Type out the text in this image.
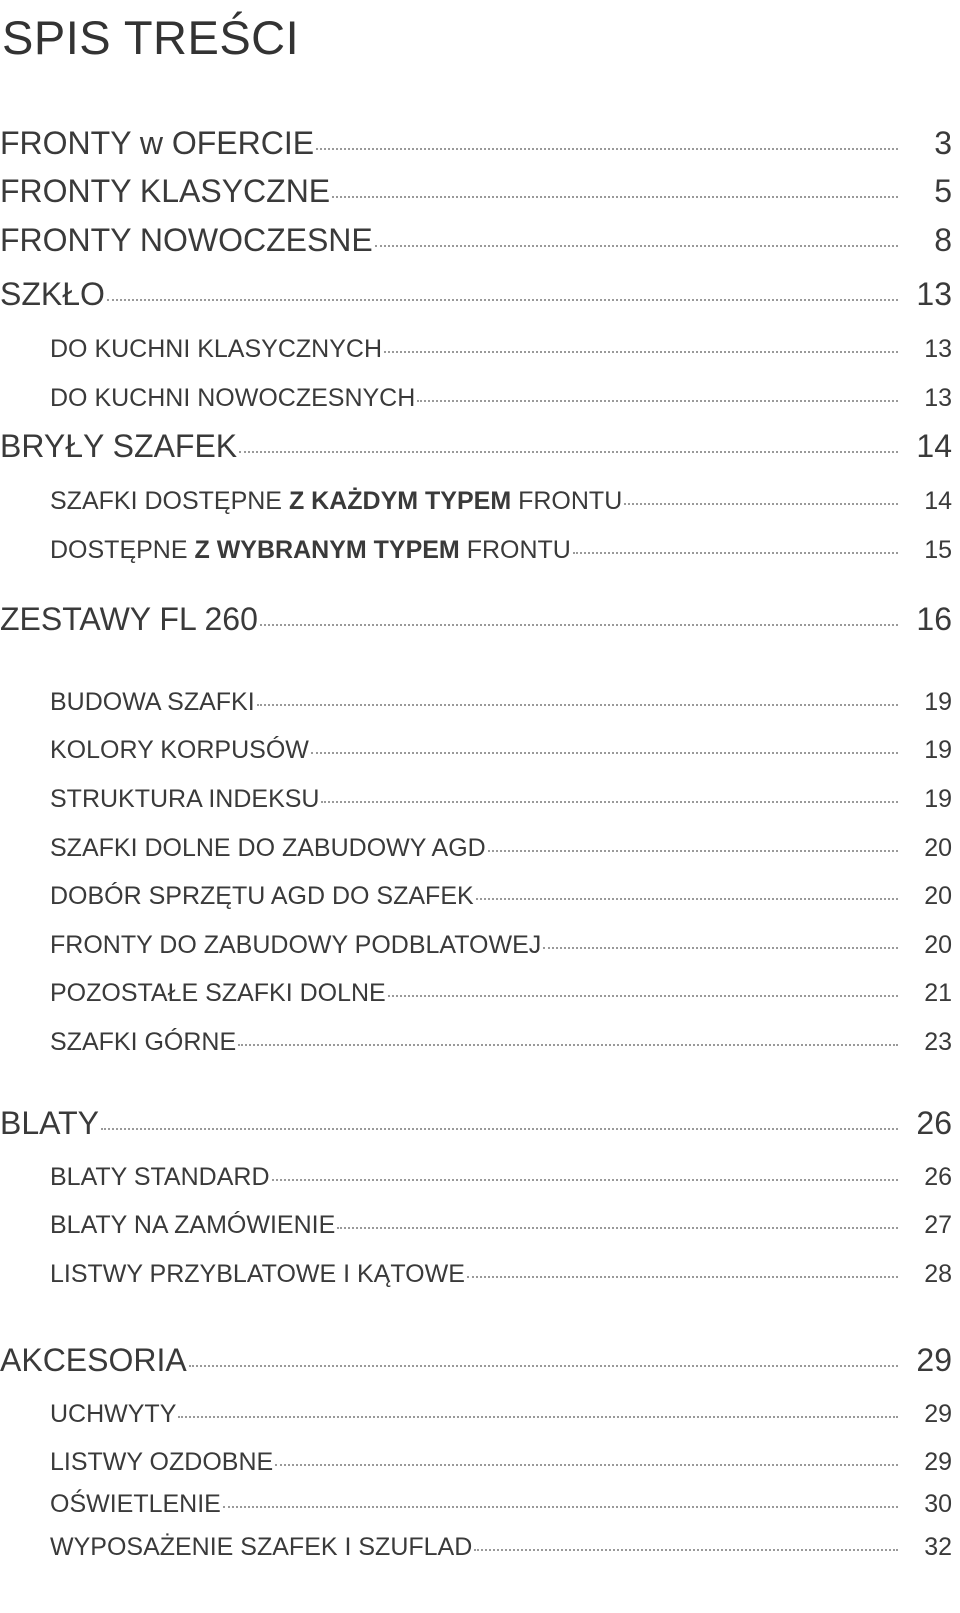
SPIS TREŚCI
FRONTY w OFERCIE	3
FRONTY KLASYCZNE	5
FRONTY NOWOCZESNE	8
SZKŁO	13
DO KUCHNI KLASYCZNYCH	13
DO KUCHNI NOWOCZESNYCH	13
BRYŁY SZAFEK	14
SZAFKI DOSTĘPNE Z KAŻDYM TYPEM FRONTU	14
DOSTĘPNE Z WYBRANYM TYPEM FRONTU	15
ZESTAWY FL 260	16
BUDOWA SZAFKI	19
KOLORY KORPUSÓW	19
STRUKTURA INDEKSU	19
SZAFKI DOLNE DO ZABUDOWY AGD	20
DOBÓR SPRZĘTU AGD DO SZAFEK	20
FRONTY DO ZABUDOWY PODBLATOWEJ	20
POZOSTAŁE SZAFKI DOLNE	21
SZAFKI GÓRNE	23
BLATY	26
BLATY STANDARD	26
BLATY NA ZAMÓWIENIE	27
LISTWY PRZYBLATOWE I KĄTOWE	28
AKCESORIA	29
UCHWYTY	29
LISTWY OZDOBNE	29
OŚWIETLENIE	30
WYPOSAŻENIE SZAFEK I SZUFLAD	32
